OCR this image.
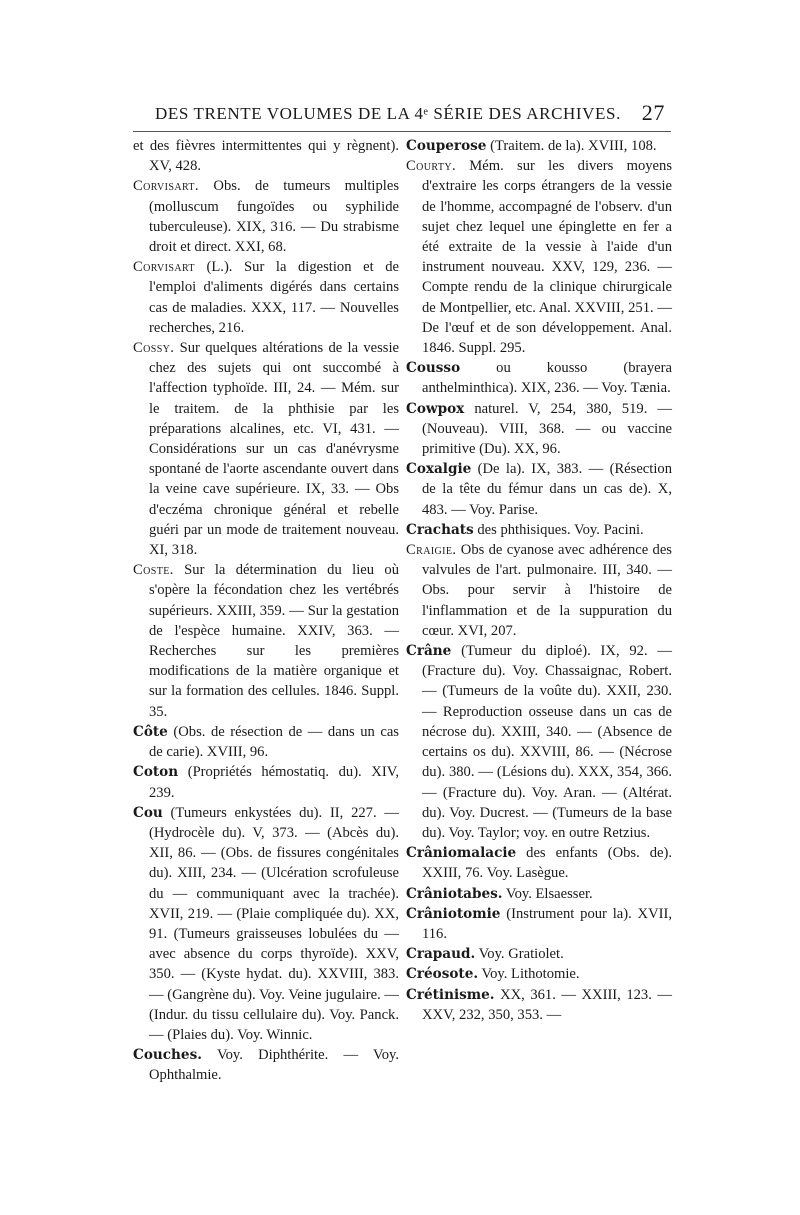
DES TRENTE VOLUMES DE LA 4ᵉ SÉRIE DES ARCHIVES. 27

et des fièvres intermittentes qui y règnent). XV, 428.

Corvisart. Obs. de tumeurs multiples (molluscum fungoïdes ou syphilide tuberculeuse). XIX, 316. — Du strabisme droit et direct. XXI, 68.

Corvisart (L.). Sur la digestion et de l'emploi d'aliments digérés dans certains cas de maladies. XXX, 117. — Nouvelles recherches, 216.

Cossy. Sur quelques altérations de la vessie chez des sujets qui ont succombé à l'affection typhoïde. III, 24. — Mém. sur le traitem. de la phthisie par les préparations alcalines, etc. VI, 431. — Considérations sur un cas d'anévrysme spontané de l'aorte ascendante ouvert dans la veine cave supérieure. IX, 33. — Obs d'eczéma chronique général et rebelle guéri par un mode de traitement nouveau. XI, 318.

Coste. Sur la détermination du lieu où s'opère la fécondation chez les vertébrés supérieurs. XXIII, 359. — Sur la gestation de l'espèce humaine. XXIV, 363. — Recherches sur les premières modifications de la matière organique et sur la formation des cellules. 1846. Suppl. 35.

Côte (Obs. de résection de — dans un cas de carie). XVIII, 96.

Coton (Propriétés hémostatiq. du). XIV, 239.

Cou (Tumeurs enkystées du). II, 227. —(Hydrocèle du). V, 373. — (Abcès du). XII, 86. — (Obs. de fissures congénitales du). XIII, 234. — (Ulcération scrofuleuse du — communiquant avec la trachée). XVII, 219. — (Plaie compliquée du). XX, 91. (Tumeurs graisseuses lobulées du — avec absence du corps thyroïde). XXV, 350. — (Kyste hydat. du). XXVIII, 383. — (Gangrène du). Voy. Veine jugulaire. — (Indur. du tissu cellulaire du). Voy. Panck. — (Plaies du). Voy. Winnic.

Couches. Voy. Diphthérite. — Voy. Ophthalmie.

Couperose (Traitem. de la). XVIII, 108.

Courty. Mém. sur les divers moyens d'extraire les corps étrangers de la vessie de l'homme, accompagné de l'observ. d'un sujet chez lequel une épinglette en fer a été extraite de la vessie à l'aide d'un instrument nouveau. XXV, 129, 236. — Compte rendu de la clinique chirurgicale de Montpellier, etc. Anal. XXVIII, 251. — De l'œuf et de son développement. Anal. 1846. Suppl. 295.

Cousso ou kousso (brayera anthelminthica). XIX, 236. — Voy. Tænia.

Cowpox naturel. V, 254, 380, 519. — (Nouveau). VIII, 368. — ou vaccine primitive (Du). XX, 96.

Coxalgie (De la). IX, 383. — (Résection de la tête du fémur dans un cas de). X, 483. — Voy. Parise.

Crachats des phthisiques. Voy. Pacini.

Craigie. Obs de cyanose avec adhérence des valvules de l'art. pulmonaire. III, 340. — Obs. pour servir à l'histoire de l'inflammation et de la suppuration du cœur. XVI, 207.

Crâne (Tumeur du diploé). IX, 92. — (Fracture du). Voy. Chassaignac, Robert. — (Tumeurs de la voûte du). XXII, 230. — Reproduction osseuse dans un cas de nécrose du). XXIII, 340. — (Absence de certains os du). XXVIII, 86. — (Nécrose du). 380. — (Lésions du). XXX, 354, 366. — (Fracture du). Voy. Aran. — (Altérat. du). Voy. Ducrest. — (Tumeurs de la base du). Voy. Taylor; voy. en outre Retzius.

Crâniomalacie des enfants (Obs. de). XXIII, 76. Voy. Lasègue.

Crâniotabes. Voy. Elsaesser.

Crâniotomie (Instrument pour la). XVII, 116.

Crapaud. Voy. Gratiolet.

Créosote. Voy. Lithotomie.

Crétinisme. XX, 361. — XXIII, 123. — XXV, 232, 350, 353. —
